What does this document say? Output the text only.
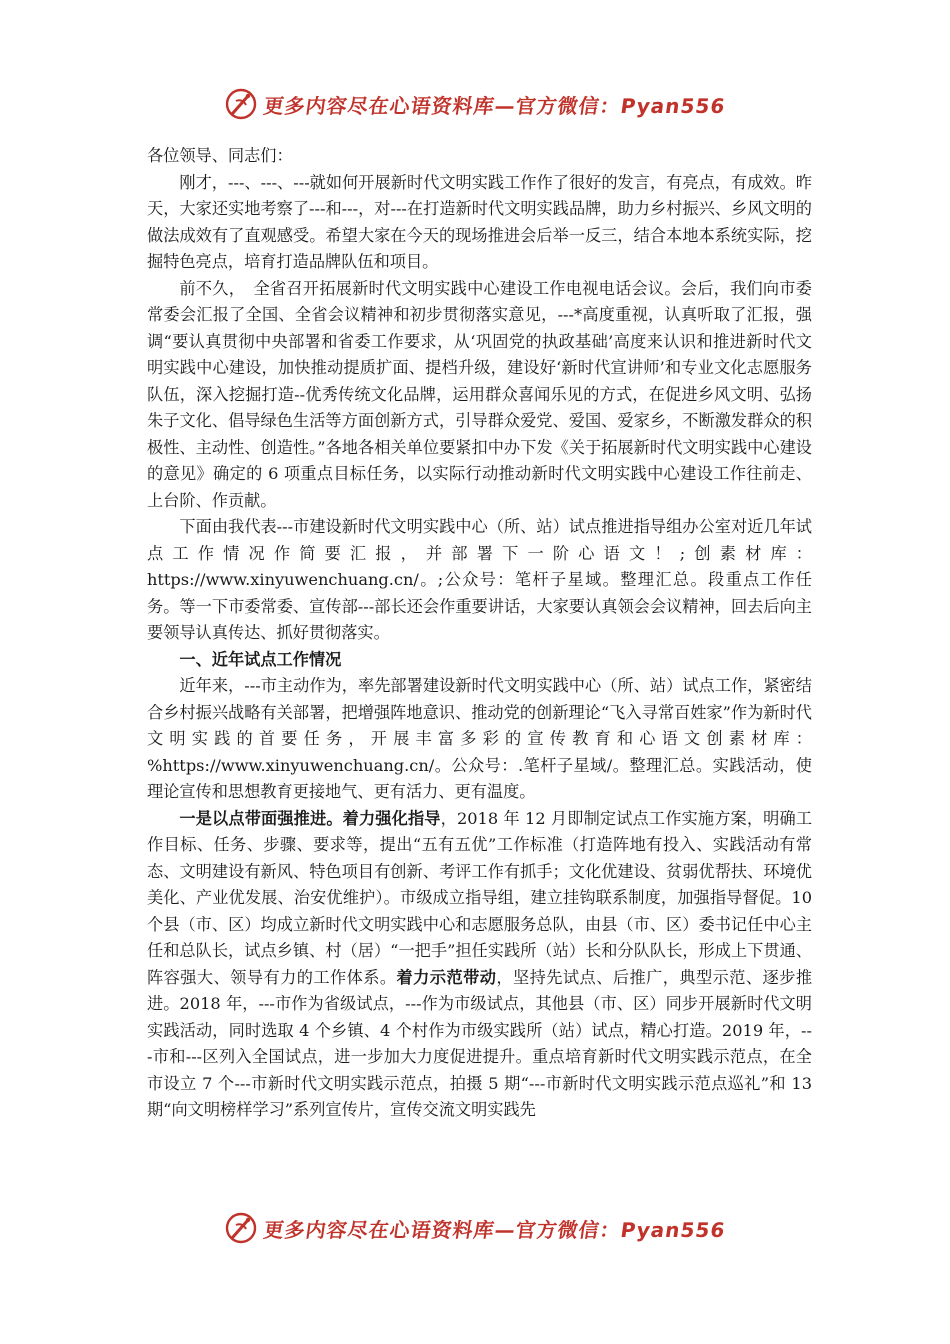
更多内容尽在心语资料库—官方微信：Pyan556

各位领导、同志们：

刚才，---、---、---就如何开展新时代文明实践工作作了很好的发言，有亮点，有成效。昨天，大家还实地考察了---和---，对---在打造新时代文明实践品牌，助力乡村振兴、乡风文明的做法成效有了直观感受。希望大家在今天的现场推进会后举一反三，结合本地本系统实际，挖掘特色亮点，培育打造品牌队伍和项目。

前不久，　全省召开拓展新时代文明实践中心建设工作电视电话会议。会后，我们向市委常委会汇报了全国、全省会议精神和初步贯彻落实意见，---*高度重视，认真听取了汇报，强调“要认真贯彻中央部署和省委工作要求，从‘巩固党的执政基础’高度来认识和推进新时代文明实践中心建设，加快推动提质扩面、提档升级，建设好‘新时代宣讲师’和专业文化志愿服务队伍，深入挖掘打造--优秀传统文化品牌，运用群众喜闻乐见的方式，在促进乡风文明、弘扬朱子文化、倡导绿色生活等方面创新方式，引导群众爱党、爱国、爱家乡，不断激发群众的积极性、主动性、创造性。”各地各相关单位要紧扣中办下发《关于拓展新时代文明实践中心建设的意见》确定的 6 项重点目标任务，以实际行动推动新时代文明实践中心建设工作往前走、上台阶、作贡献。

下面由我代表---市建设新时代文明实践中心（所、站）试点推进指导组办公室对近几年试点工作情况作简要汇报，并部署下一阶心语文！;创素材库：https://www.xinyuwenchuang.cn/。;公众号：笔杆子星域。整理汇总。段重点工作任务。等一下市委常委、宣传部---部长还会作重要讲话，大家要认真领会会议精神，回去后向主要领导认真传达、抓好贯彻落实。

一、近年试点工作情况

近年来，---市主动作为，率先部署建设新时代文明实践中心（所、站）试点工作，紧密结合乡村振兴战略有关部署，把增强阵地意识、推动党的创新理论“飞入寻常百姓家”作为新时代文明实践的首要任务，开展丰富多彩的宣传教育和心语文创素材库：%https://www.xinyuwenchuang.cn/。公众号：.笔杆子星域/。整理汇总。实践活动，使理论宣传和思想教育更接地气、更有活力、更有温度。

一是以点带面强推进。着力强化指导，2018 年 12 月即制定试点工作实施方案，明确工作目标、任务、步骤、要求等，提出“五有五优”工作标准（打造阵地有投入、实践活动有常态、文明建设有新风、特色项目有创新、考评工作有抓手；文化优建设、贫弱优帮扶、环境优美化、产业优发展、治安优维护）。市级成立指导组，建立挂钩联系制度，加强指导督促。10 个县（市、区）均成立新时代文明实践中心和志愿服务总队，由县（市、区）委书记任中心主任和总队长，试点乡镇、村（居）“一把手”担任实践所（站）长和分队队长，形成上下贯通、阵容强大、领导有力的工作体系。着力示范带动，坚持先试点、后推广，典型示范、逐步推进。2018 年，---市作为省级试点，---作为市级试点，其他县（市、区）同步开展新时代文明实践活动，同时选取 4 个乡镇、4 个村作为市级实践所（站）试点，精心打造。2019 年，---市和---区列入全国试点，进一步加大力度促进提升。重点培育新时代文明实践示范点，在全市设立 7 个---市新时代文明实践示范点，拍摄 5 期“---市新时代文明实践示范点巡礼”和 13 期“向文明榜样学习”系列宣传片，宣传交流文明实践先

更多内容尽在心语资料库—官方微信：Pyan556
